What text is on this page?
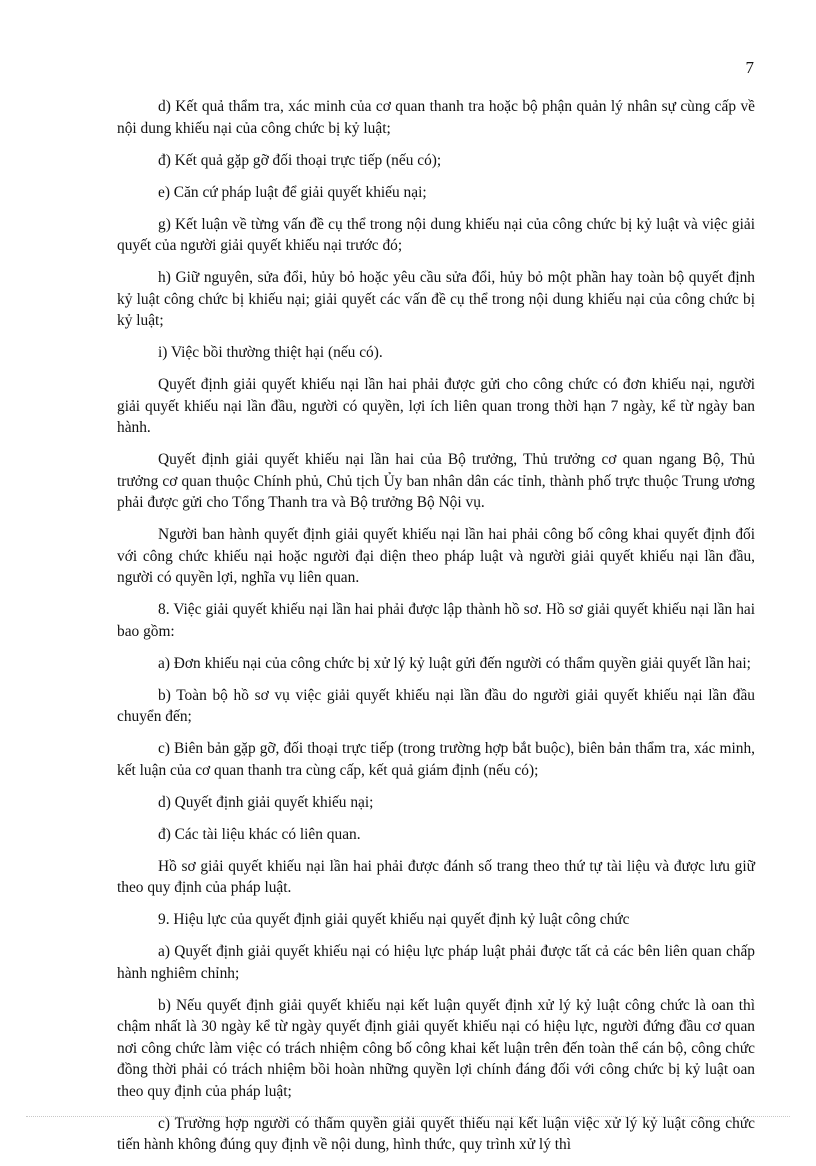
7

d) Kết quả thẩm tra, xác minh của cơ quan thanh tra hoặc bộ phận quản lý nhân sự cùng cấp về nội dung khiếu nại của công chức bị kỷ luật;

đ) Kết quả gặp gỡ đối thoại trực tiếp (nếu có);

e) Căn cứ pháp luật để giải quyết khiếu nại;

g) Kết luận về từng vấn đề cụ thể trong nội dung khiếu nại của công chức bị kỷ luật và việc giải quyết của người giải quyết khiếu nại trước đó;

h) Giữ nguyên, sửa đổi, hủy bỏ hoặc yêu cầu sửa đổi, hủy bỏ một phần hay toàn bộ quyết định kỷ luật công chức bị khiếu nại; giải quyết các vấn đề cụ thể trong nội dung khiếu nại của công chức bị kỷ luật;

i) Việc bồi thường thiệt hại (nếu có).

Quyết định giải quyết khiếu nại lần hai phải được gửi cho công chức có đơn khiếu nại, người giải quyết khiếu nại lần đầu, người có quyền, lợi ích liên quan trong thời hạn 7 ngày, kể từ ngày ban hành.

Quyết định giải quyết khiếu nại lần hai của Bộ trưởng, Thủ trưởng cơ quan ngang Bộ, Thủ trưởng cơ quan thuộc Chính phủ, Chủ tịch Ủy ban nhân dân các tỉnh, thành phố trực thuộc Trung ương phải được gửi cho Tổng Thanh tra và Bộ trưởng Bộ Nội vụ.

Người ban hành quyết định giải quyết khiếu nại lần hai phải công bố công khai quyết định đối với công chức khiếu nại hoặc người đại diện theo pháp luật và người giải quyết khiếu nại lần đầu, người có quyền lợi, nghĩa vụ liên quan.

8. Việc giải quyết khiếu nại lần hai phải được lập thành hồ sơ. Hồ sơ giải quyết khiếu nại lần hai bao gồm:

a) Đơn khiếu nại của công chức bị xử lý kỷ luật gửi đến người có thẩm quyền giải quyết lần hai;

b) Toàn bộ hồ sơ vụ việc giải quyết khiếu nại lần đầu do người giải quyết khiếu nại lần đầu chuyển đến;

c) Biên bản gặp gỡ, đối thoại trực tiếp (trong trường hợp bắt buộc), biên bản thẩm tra, xác minh, kết luận của cơ quan thanh tra cùng cấp, kết quả giám định (nếu có);

d) Quyết định giải quyết khiếu nại;

đ) Các tài liệu khác có liên quan.

Hồ sơ giải quyết khiếu nại lần hai phải được đánh số trang theo thứ tự tài liệu và được lưu giữ theo quy định của pháp luật.

9. Hiệu lực của quyết định giải quyết khiếu nại quyết định kỷ luật công chức

a) Quyết định giải quyết khiếu nại có hiệu lực pháp luật phải được tất cả các bên liên quan chấp hành nghiêm chỉnh;

b) Nếu quyết định giải quyết khiếu nại kết luận quyết định xử lý kỷ luật công chức là oan thì chậm nhất là 30 ngày kể từ ngày quyết định giải quyết khiếu nại có hiệu lực, người đứng đầu cơ quan nơi công chức làm việc có trách nhiệm công bố công khai kết luận trên đến toàn thể cán bộ, công chức đồng thời phải có trách nhiệm bồi hoàn những quyền lợi chính đáng đối với công chức bị kỷ luật oan theo quy định của pháp luật;

c) Trường hợp người có thẩm quyền giải quyết thiếu nại kết luận việc xử lý kỷ luật công chức tiến hành không đúng quy định về nội dung, hình thức, quy trình xử lý thì
